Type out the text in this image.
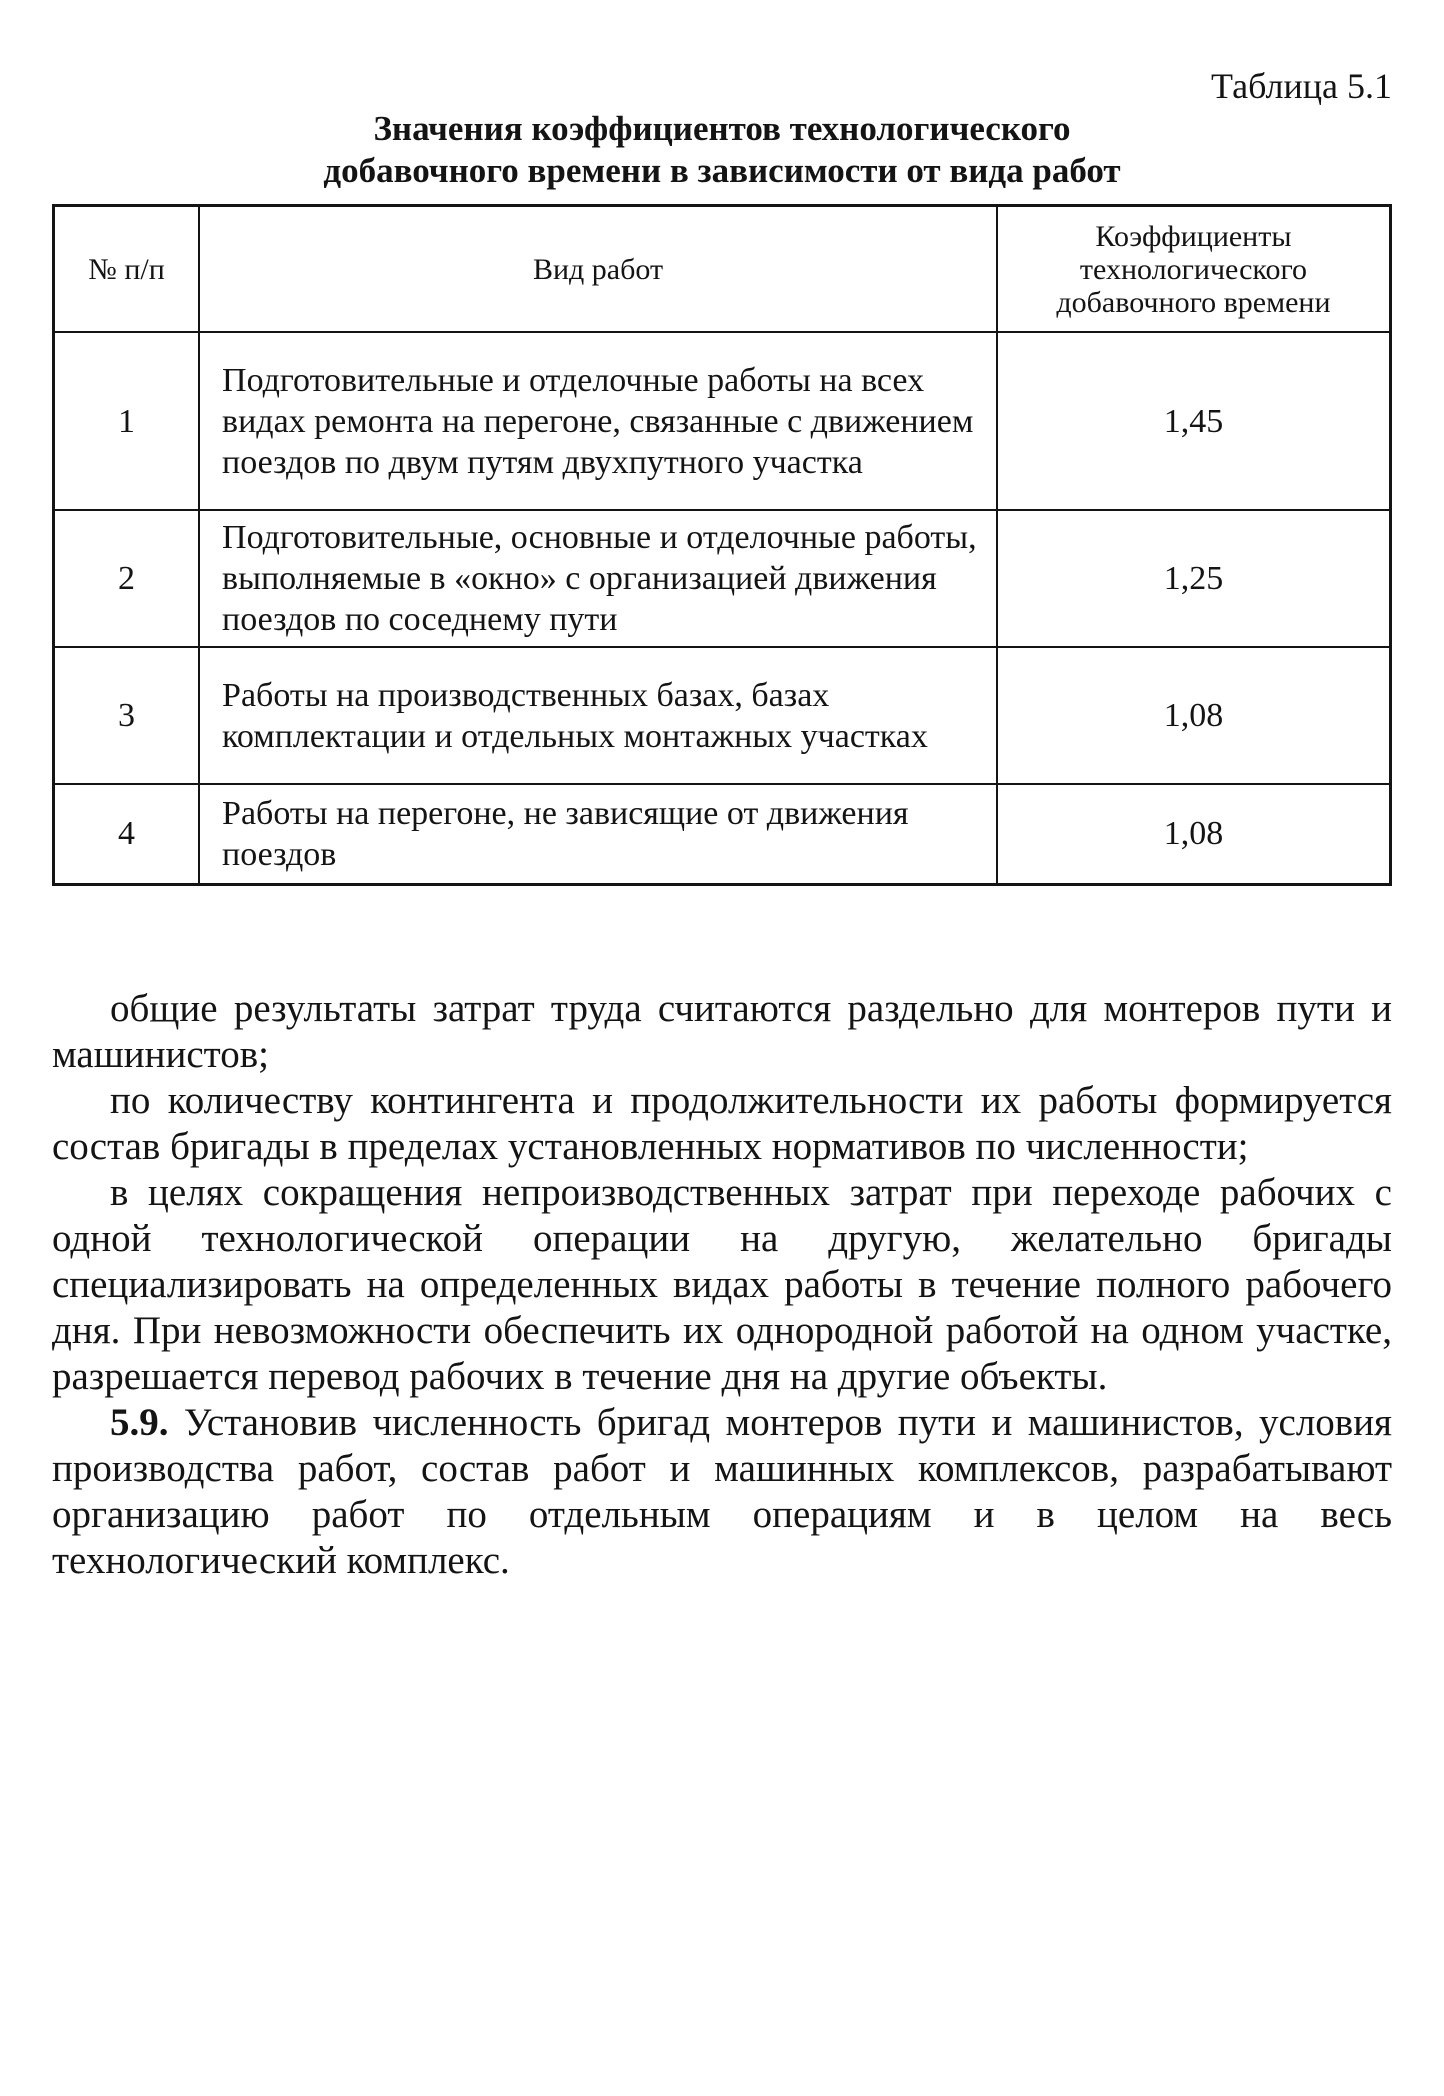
Таблица 5.1
Значения коэффициентов технологического
добавочного времени в зависимости от вида работ
№ п/п	Вид работ	Коэффициенты технологического добавочного времени
1	Подготовительные и отделочные работы на всех видах ремонта на перегоне, связанные с движением поездов по двум путям двухпутного участка	1,45
2	Подготовительные, основные и отделочные работы, выполняемые в «окно» с организацией движения поездов по соседнему пути	1,25
3	Работы на производственных базах, базах комплектации и отдельных монтажных участках	1,08
4	Работы на перегоне, не зависящие от движения поездов	1,08

общие результаты затрат труда считаются раздельно для монтеров пути и машинистов;

по количеству контингента и продолжительности их работы формируется состав бригады в пределах установленных нормативов по численности;

в целях сокращения непроизводственных затрат при переходе рабочих с одной технологической операции на другую, желательно бригады специализировать на определенных видах работы в течение полного рабочего дня. При невозможности обеспечить их однородной работой на одном участке, разрешается перевод рабочих в течение дня на другие объекты.

5.9. Установив численность бригад монтеров пути и машинистов, условия производства работ, состав работ и машинных комплексов, разрабатывают организацию работ по отдельным операциям и в целом на весь технологический комплекс.
